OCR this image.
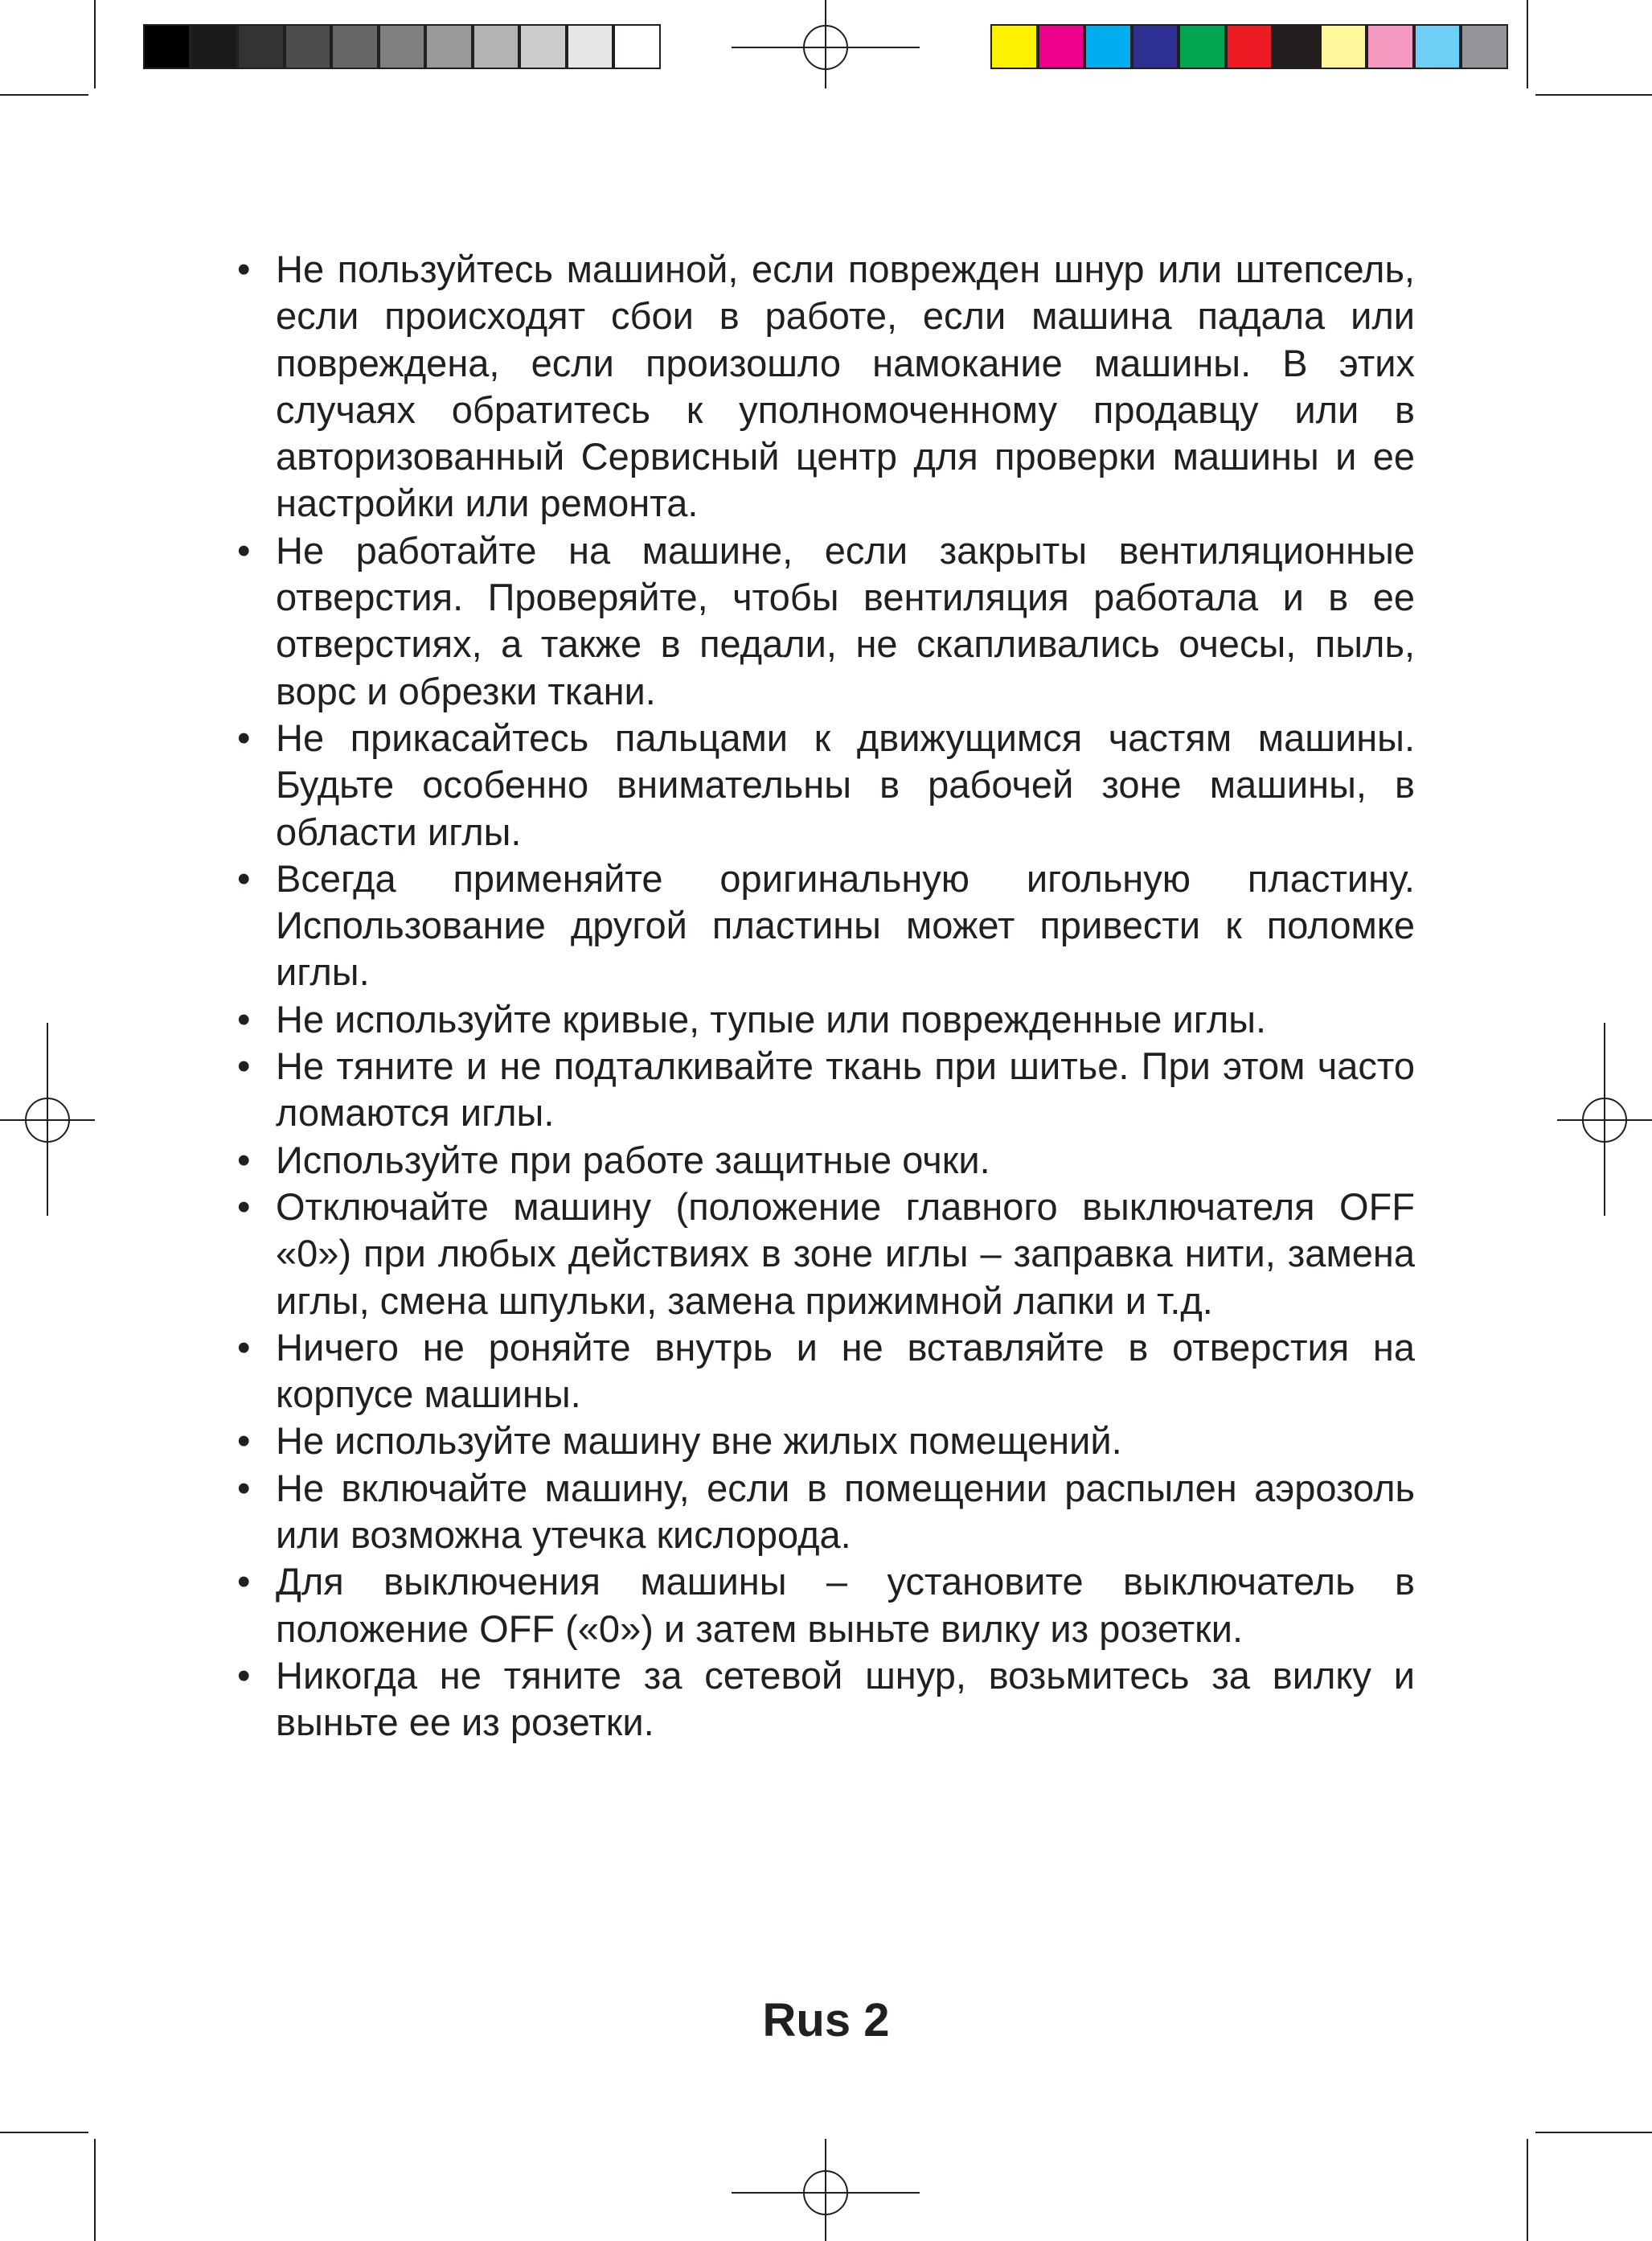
• Не пользуйтесь машиной, если поврежден шнур или штепсель, если происходят сбои в работе, если машина падала или повреждена, если произошло намокание машины. В этих случаях обратитесь к уполномоченному продавцу или в авторизованный Сервисный центр для проверки машины и ее настройки или ремонта.
• Не работайте на машине, если закрыты вентиляционные отверстия. Проверяйте, чтобы вентиляция работала и в ее отверстиях, а также в педали, не скапливались очесы, пыль, ворс и обрезки ткани.
• Не прикасайтесь пальцами к движущимся частям машины. Будьте особенно внимательны в рабочей зоне машины, в области иглы.
• Всегда применяйте оригинальную игольную пластину. Использование другой пластины может привести к поломке иглы.
• Не используйте кривые, тупые или поврежденные иглы.
• Не тяните и не подталкивайте ткань при шитье. При этом часто ломаются иглы.
• Используйте при работе защитные очки.
• Отключайте машину (положение главного выключателя OFF «0») при любых действиях в зоне иглы – заправка нити, замена иглы, смена шпульки, замена прижимной лапки и т.д.
• Ничего не роняйте внутрь и не вставляйте в отверстия на корпусе машины.
• Не используйте машину вне жилых помещений.
• Не включайте машину, если в помещении распылен аэрозоль или возможна утечка кислорода.
• Для выключения машины – установите выключатель в положение OFF («0») и затем выньте вилку из розетки.
• Никогда не тяните за сетевой шнур, возьмитесь за вилку и выньте ее из розетки.
Rus 2
